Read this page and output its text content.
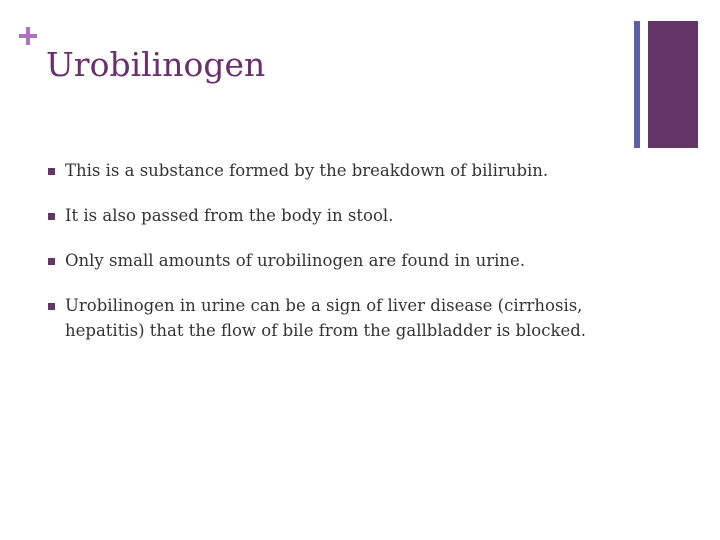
Urobilinogen
This is a substance formed by the breakdown of bilirubin.
It is also passed from the body in stool.
Only small amounts of urobilinogen are found in urine.
Urobilinogen in urine can be a sign of liver disease (cirrhosis, hepatitis) that the flow of bile from the gallbladder is blocked.
